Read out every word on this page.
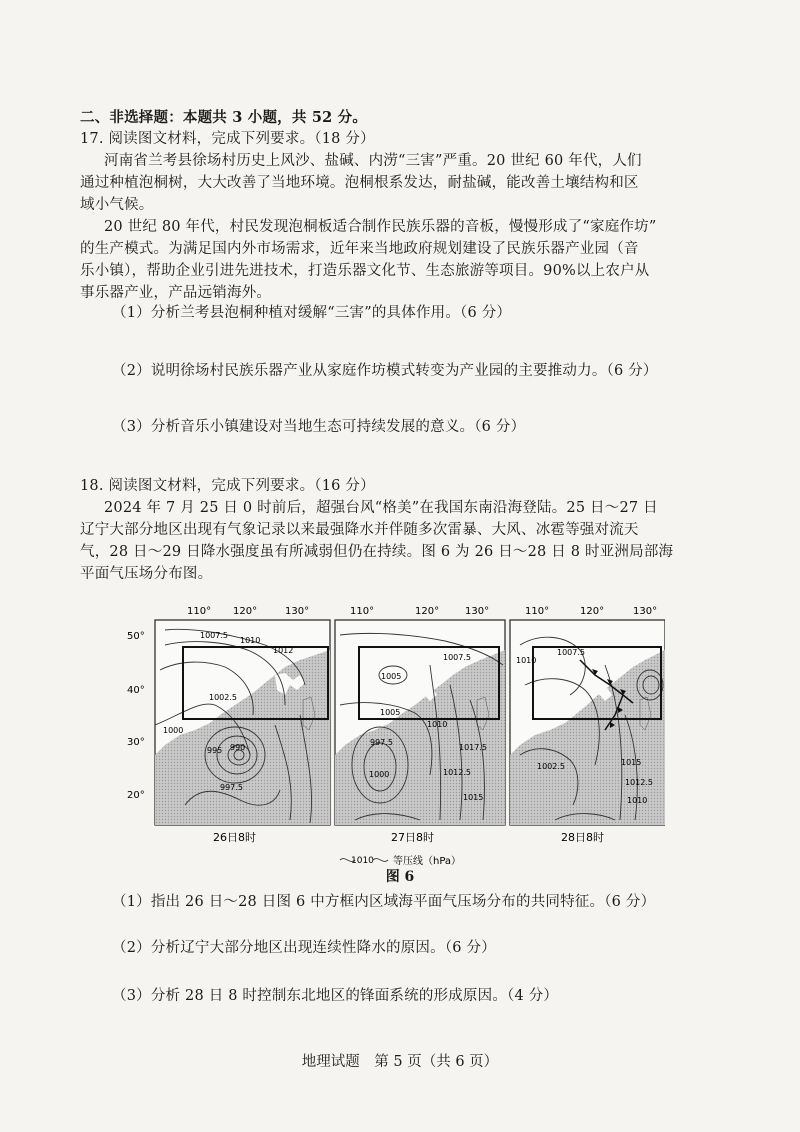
二、非选择题：本题共 3 小题，共 52 分。
17. 阅读图文材料，完成下列要求。（18 分）
河南省兰考县徐场村历史上风沙、盐碱、内涝“三害”严重。20 世纪 60 年代，人们
通过种植泡桐树，大大改善了当地环境。泡桐根系发达，耐盐碱，能改善土壤结构和区
域小气候。
20 世纪 80 年代，村民发现泡桐板适合制作民族乐器的音板，慢慢形成了“家庭作坊”
的生产模式。为满足国内外市场需求，近年来当地政府规划建设了民族乐器产业园（音
乐小镇），帮助企业引进先进技术，打造乐器文化节、生态旅游等项目。90%以上农户从
事乐器产业，产品远销海外。
（1）分析兰考县泡桐种植对缓解“三害”的具体作用。（6 分）
（2）说明徐场村民族乐器产业从家庭作坊模式转变为产业园的主要推动力。（6 分）
（3）分析音乐小镇建设对当地生态可持续发展的意义。（6 分）
18. 阅读图文材料，完成下列要求。（16 分）
2024 年 7 月 25 日 0 时前后，超强台风“格美”在我国东南沿海登陆。25 日～27 日
辽宁大部分地区出现有气象记录以来最强降水并伴随多次雷暴、大风、冰雹等强对流天
气，28 日～29 日降水强度虽有所减弱但仍在持续。图 6 为 26 日～28 日 8 时亚洲局部海
平面气压场分布图。
110° 120°	130°	110°	120°	130°	110°	120°	130°
50°
40°
30°
20°
1007.5
1010
1012
1002.5
1000
990
995
997.5
26日8时
1007.5
1005
1005
1010
997.5
1000	1012.5
1015
1017.5
27日8时
1010
1007.5
1002.5	1015
1012.5
1010
28日8时
1010 等压线（hPa）
图 6
（1）指出 26 日～28 日图 6 中方框内区域海平面气压场分布的共同特征。（6 分）
（2）分析辽宁大部分地区出现连续性降水的原因。（6 分）
（3）分析 28 日 8 时控制东北地区的锋面系统的形成原因。（4 分）
地理试题　第 5 页（共 6 页）
